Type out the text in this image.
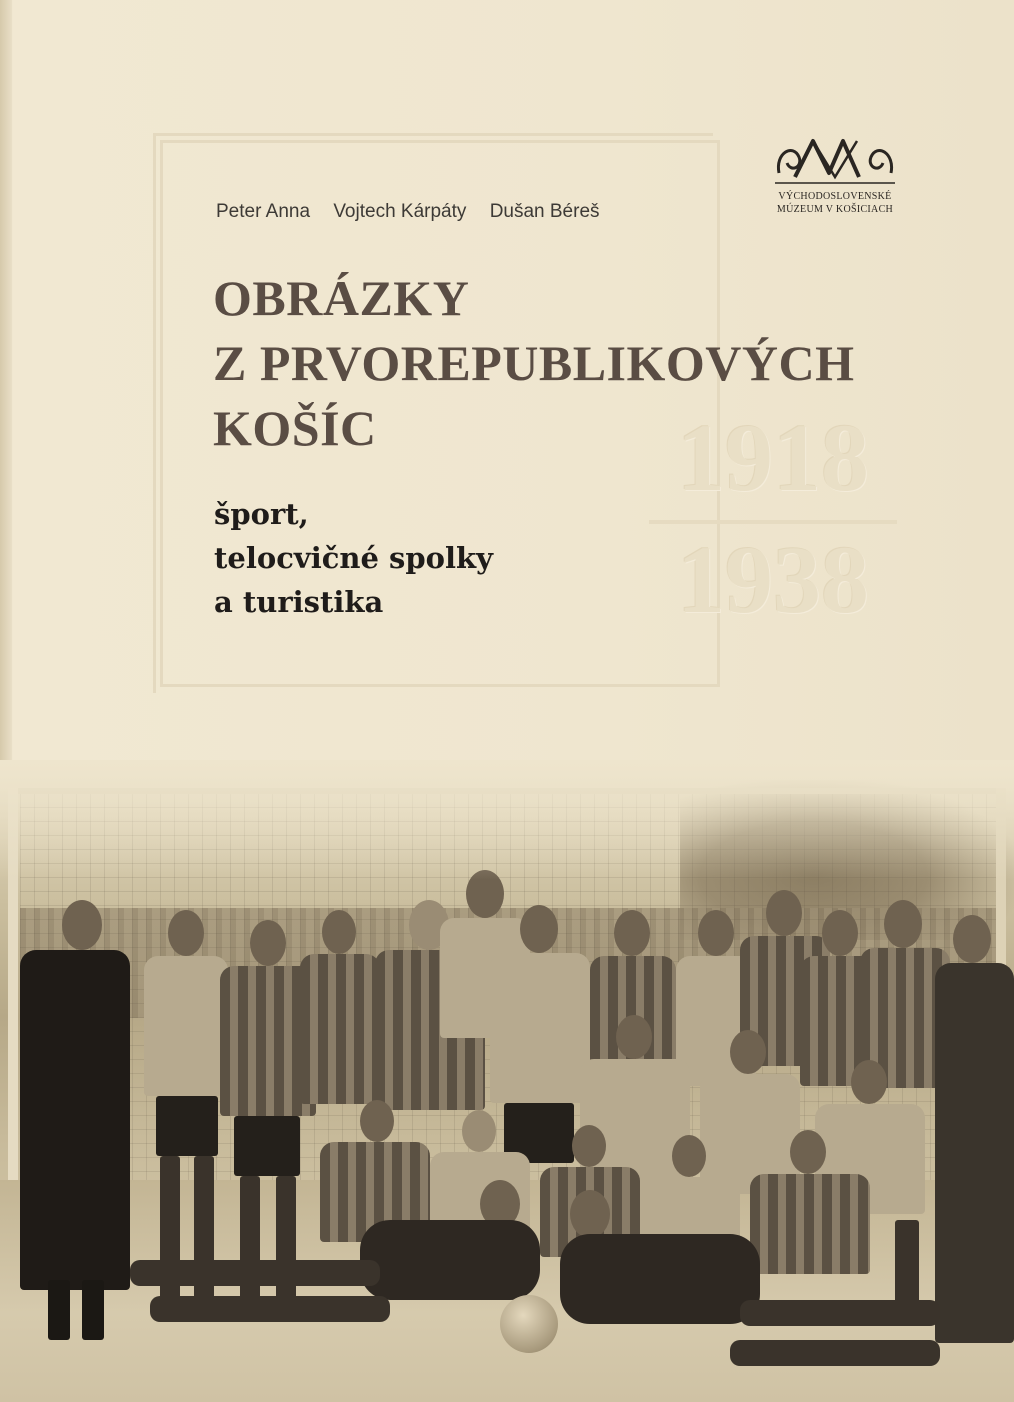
Peter Anna Vojtech Kárpáty Dušan Béreš
OBRÁZKY
Z PRVOREPUBLIKOVÝCH
KOŠÍC	1918
1938
šport,
telocvičné spolky
a turistika
VÝCHODOSLOVENSKÉ
MÚZEUM V KOŠICIACH
